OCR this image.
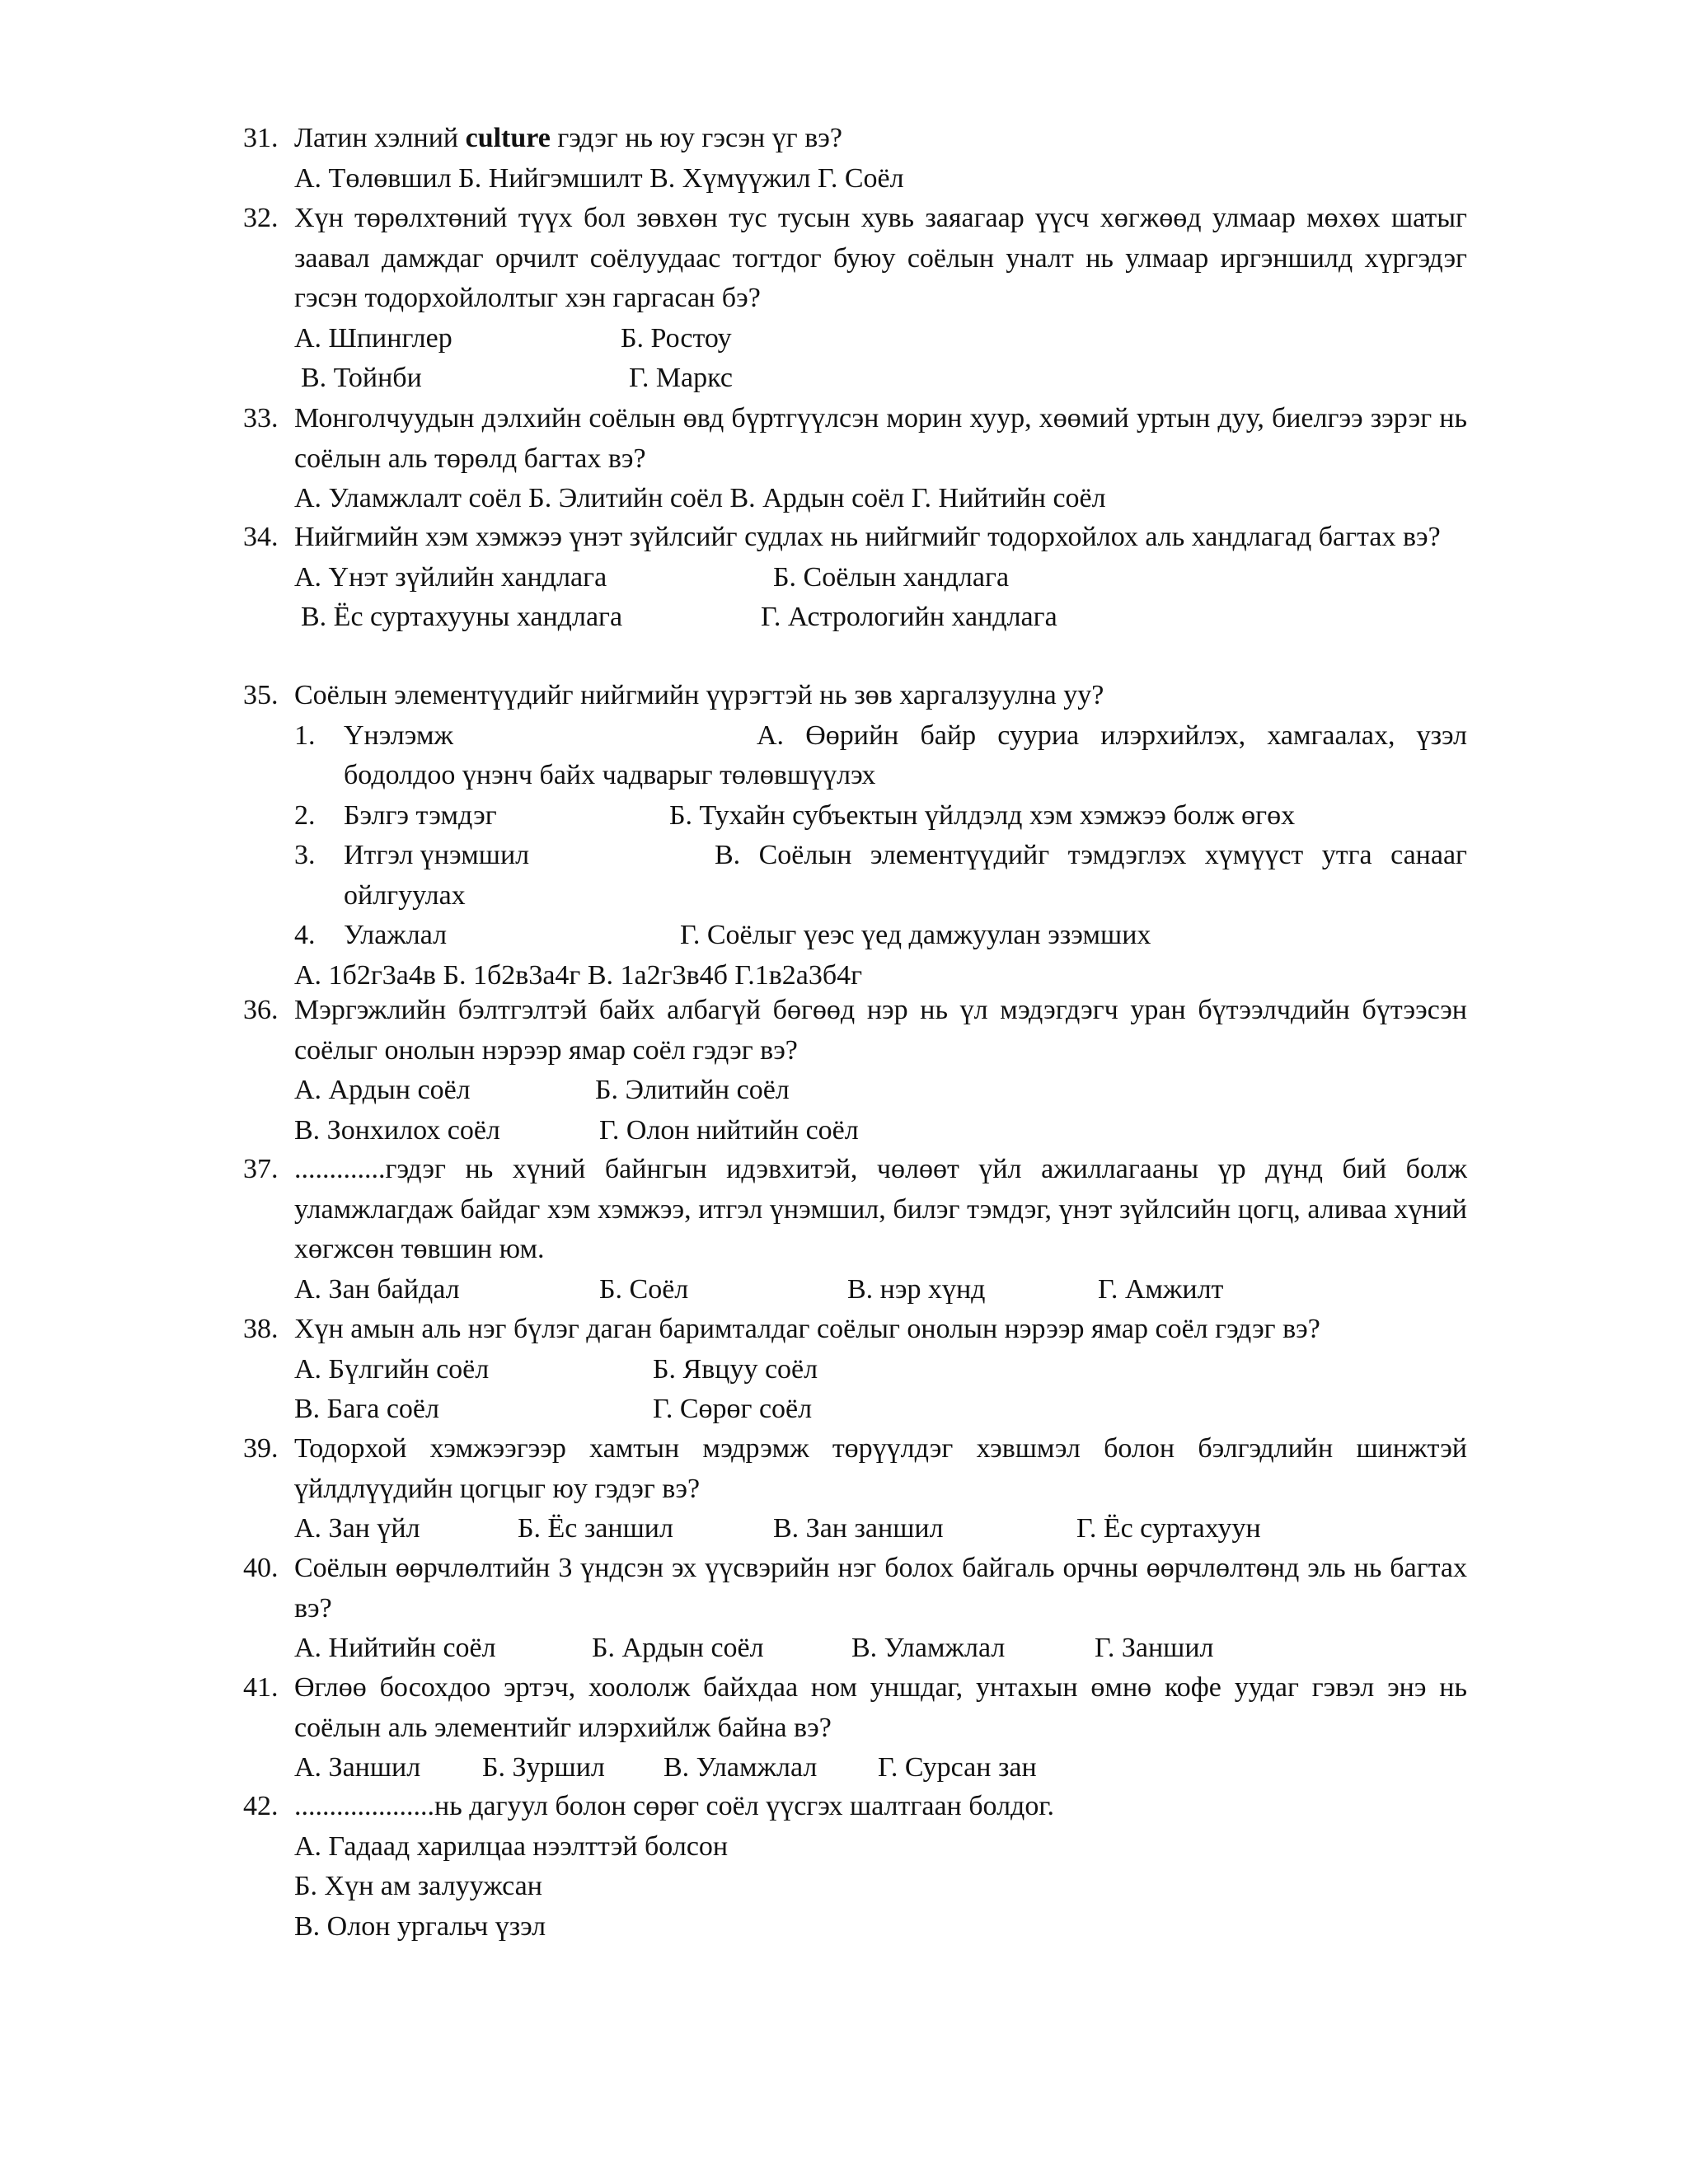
31. Латин хэлний culture гэдэг нь юу гэсэн үг вэ?
А. Төлөвшил Б. Нийгэмшилт В. Хүмүүжил Г. Соёл
32. Хүн төрөлхтөний түүх бол зөвхөн тус тусын хувь заяагаар үүсч хөгжөөд улмаар мөхөх шатыг заавал дамждаг орчилт соёлуудаас тогтдог буюу соёлын уналт нь улмаар иргэншилд хүргэдэг гэсэн тодорхойлолтыг хэн гаргасан бэ?
А. Шпинглер	Б. Ростоу
В. Тойнби	Г. Маркс
33. Монголчуудын дэлхийн соёлын өвд бүртгүүлсэн морин хуур, хөөмий уртын дуу, биелгээ зэрэг нь соёлын аль төрөлд багтах вэ?
А. Уламжлалт соёл Б. Элитийн соёл В. Ардын соёл Г. Нийтийн соёл
34. Нийгмийн хэм хэмжээ үнэт зүйлсийг судлах нь нийгмийг тодорхойлох аль хандлагад багтах вэ?
А. Үнэт зүйлийн хандлага	Б. Соёлын хандлага
В. Ёс суртахууны хандлага	Г. Астрологийн хандлага
35. Соёлын элементүүдийг нийгмийн үүрэгтэй нь зөв харгалзуулна уу?
1. Үнэлэмж	А. Өөрийн байр сууриа илэрхийлэх, хамгаалах, үзэл
бодолдоо үнэнч байх чадварыг төлөвшүүлэх
2. Бэлгэ тэмдэг	Б. Тухайн субъектын үйлдэлд хэм хэмжээ болж өгөх
3. Итгэл үнэмшил	В. Соёлын элементүүдийг тэмдэглэх хүмүүст утга санааг
ойлгуулах
4. Улажлал	Г. Соёлыг үеэс үед дамжуулан эзэмших
А. 1б2г3а4в Б. 1б2в3а4г В. 1а2г3в4б Г.1в2а3б4г
36. Мэргэжлийн бэлтгэлтэй байх албагүй бөгөөд нэр нь үл мэдэгдэгч уран бүтээлчдийн бүтээсэн соёлыг онолын нэрээр ямар соёл гэдэг вэ?
А. Ардын соёл	Б. Элитийн соёл
В. Зонхилох соёл	Г. Олон нийтийн соёл
37. .............гэдэг нь хүний байнгын идэвхитэй, чөлөөт үйл ажиллагааны үр дүнд бий болж уламжлагдаж байдаг хэм хэмжээ, итгэл үнэмшил, билэг тэмдэг, үнэт зүйлсийн цогц, аливаа хүний хөгжсөн төвшин юм.
А. Зан байдал	Б. Соёл	В. нэр хүнд	Г. Амжилт
38. Хүн амын аль нэг бүлэг даган баримталдаг соёлыг онолын нэрээр ямар соёл гэдэг вэ?
А. Бүлгийн соёл	Б. Явцуу соёл
В. Бага соёл	Г. Сөрөг соёл
39. Тодорхой хэмжээгээр хамтын мэдрэмж төрүүлдэг хэвшмэл болон бэлгэдлийн шинжтэй үйлдлүүдийн цогцыг юу гэдэг вэ?
А. Зан үйл	Б. Ёс заншил	В. Зан заншил	Г. Ёс суртахуун
40. Соёлын өөрчлөлтийн 3 үндсэн эх үүсвэрийн нэг болох байгаль орчны өөрчлөлтөнд эль нь багтах вэ?
А. Нийтийн соёл	Б. Ардын соёл	В. Уламжлал	Г. Заншил
41. Өглөө босохдоо эртэч, хоололж байхдаа ном уншдаг, унтахын өмнө кофе уудаг гэвэл энэ нь соёлын аль элементийг илэрхийлж байна вэ?
А. Заншил Б. Зуршил В. Уламжлал Г. Сурсан зан
42. ....................нь дагуул болон сөрөг соёл үүсгэх шалтгаан болдог.
А. Гадаад харилцаа нээлттэй болсон
Б. Хүн ам залуужсан
В. Олон ургальч үзэл
